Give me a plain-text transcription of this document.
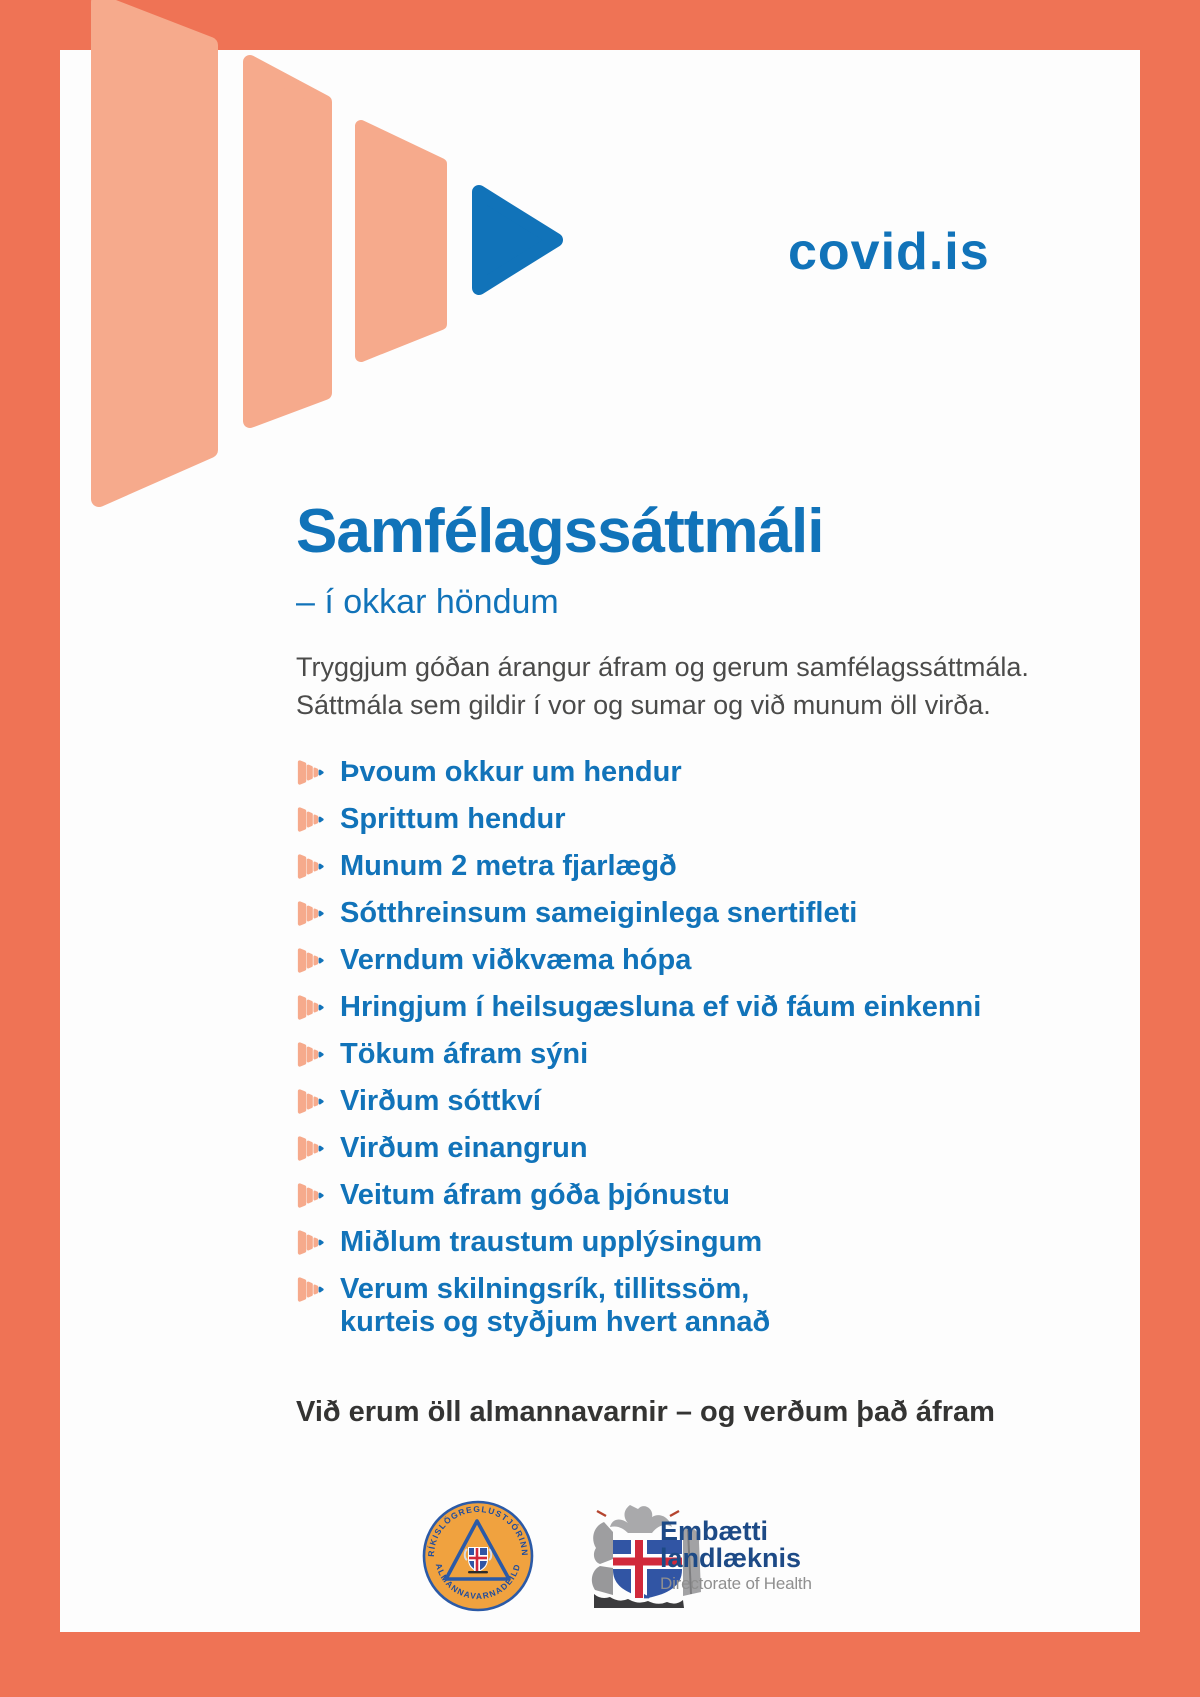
covid.is
Samfélagssáttmáli
– í okkar höndum

Tryggjum góðan árangur áfram og gerum samfélagssáttmála.
Sáttmála sem gildir í vor og sumar og við munum öll virða.

Þvoum okkur um hendur
Sprittum hendur
Munum 2 metra fjarlægð
Sótthreinsum sameiginlega snertifleti
Verndum viðkvæma hópa
Hringjum í heilsugæsluna ef við fáum einkenni
Tökum áfram sýni
Virðum sóttkví
Virðum einangrun
Veitum áfram góða þjónustu
Miðlum traustum upplýsingum
Verum skilningsrík, tillitssöm,
kurteis og styðjum hvert annað
Við erum öll almannavarnir – og verðum það áfram
RÍKISLÖGREGLUSTJÓRINN
ALMANNAVARNADEILD
Embætti
landlæknis
Directorate of Health
